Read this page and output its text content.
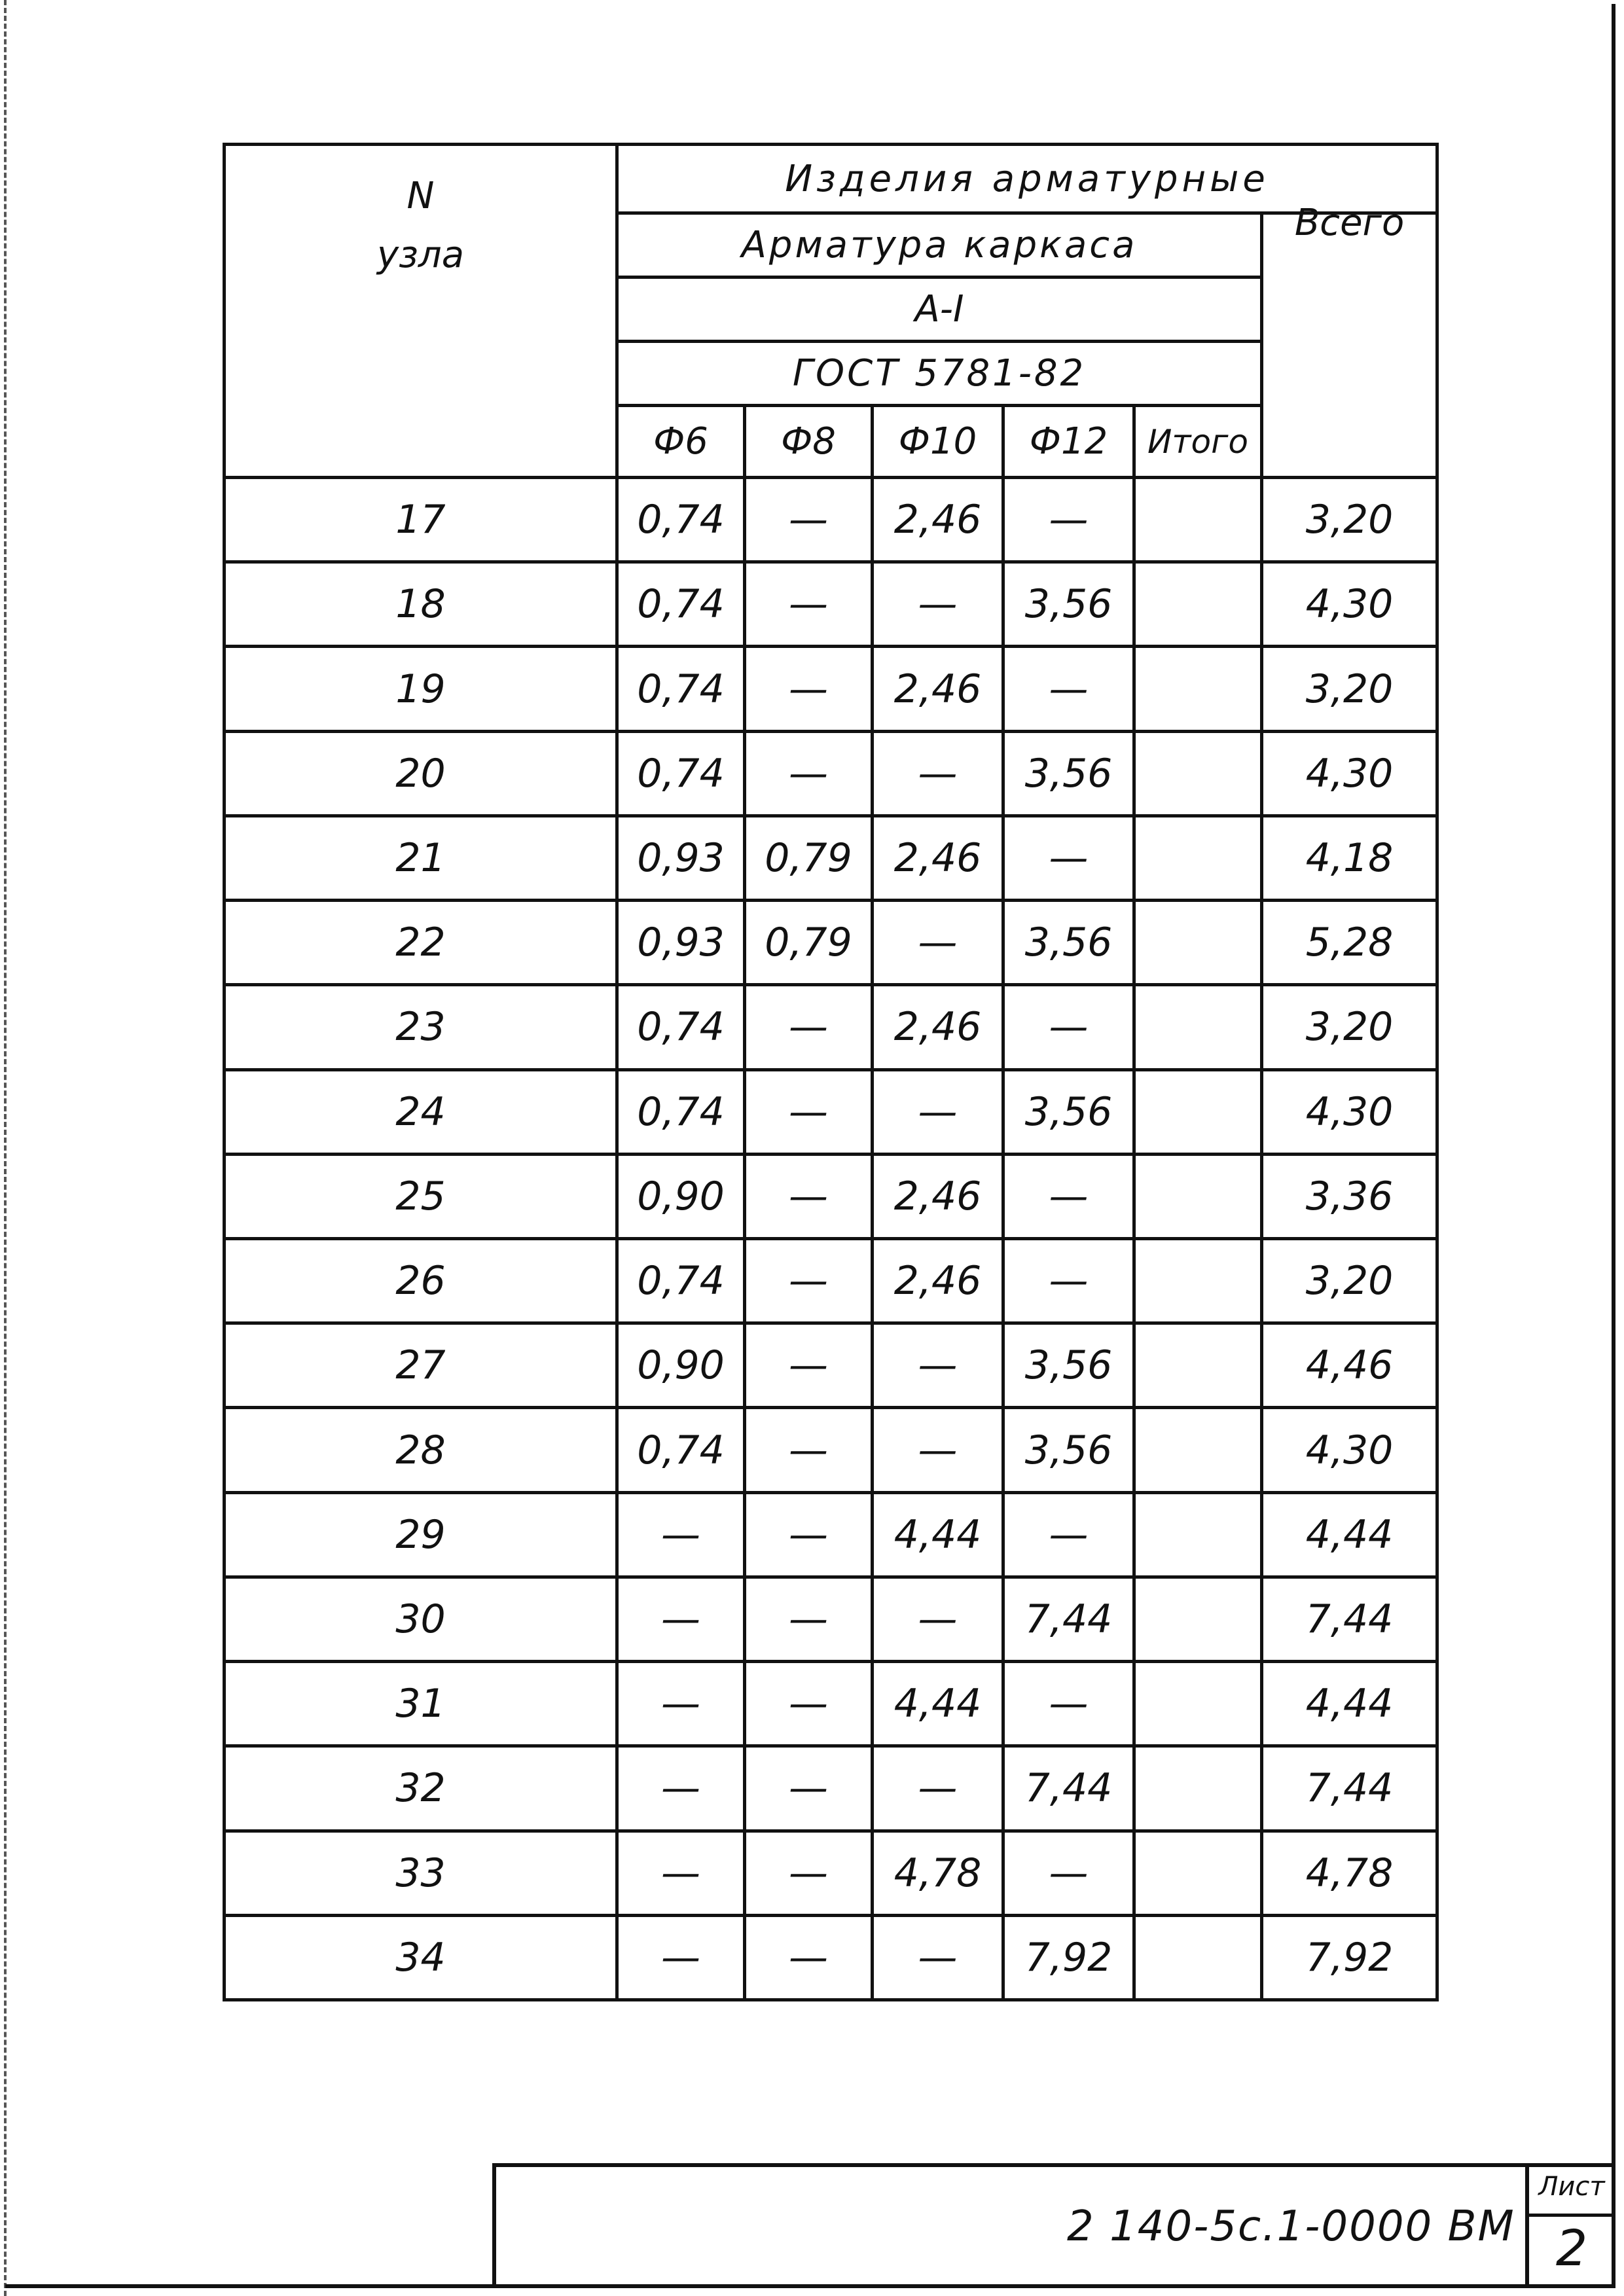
N
узла	Изделия арматурные					
	Арматура каркаса					Всего

	А-I					
	ГОСТ 5781-82					
	Ф6	Ф8	Ф10	Ф12	Итого	
17	0,74	—	2,46	—		3,20
18	0,74	—	—	3,56		4,30
19	0,74	—	2,46	—		3,20
20	0,74	—	—	3,56		4,30
21	0,93	0,79	2,46	—		4,18
22	0,93	0,79	—	3,56		5,28
23	0,74	—	2,46	—		3,20
24	0,74	—	—	3,56		4,30
25	0,90	—	2,46	—		3,36
26	0,74	—	2,46	—		3,20
27	0,90	—	—	3,56		4,46
28	0,74	—	—	3,56		4,30
29	—	—	4,44	—		4,44
30	—	—	—	7,44		7,44
31	—	—	4,44	—		4,44
32	—	—	—	7,44		7,44
33	—	—	4,78	—		4,78
34	—	—	—	7,92		7,92
2 140-5с.1-0000 ВМ
Лист
2
